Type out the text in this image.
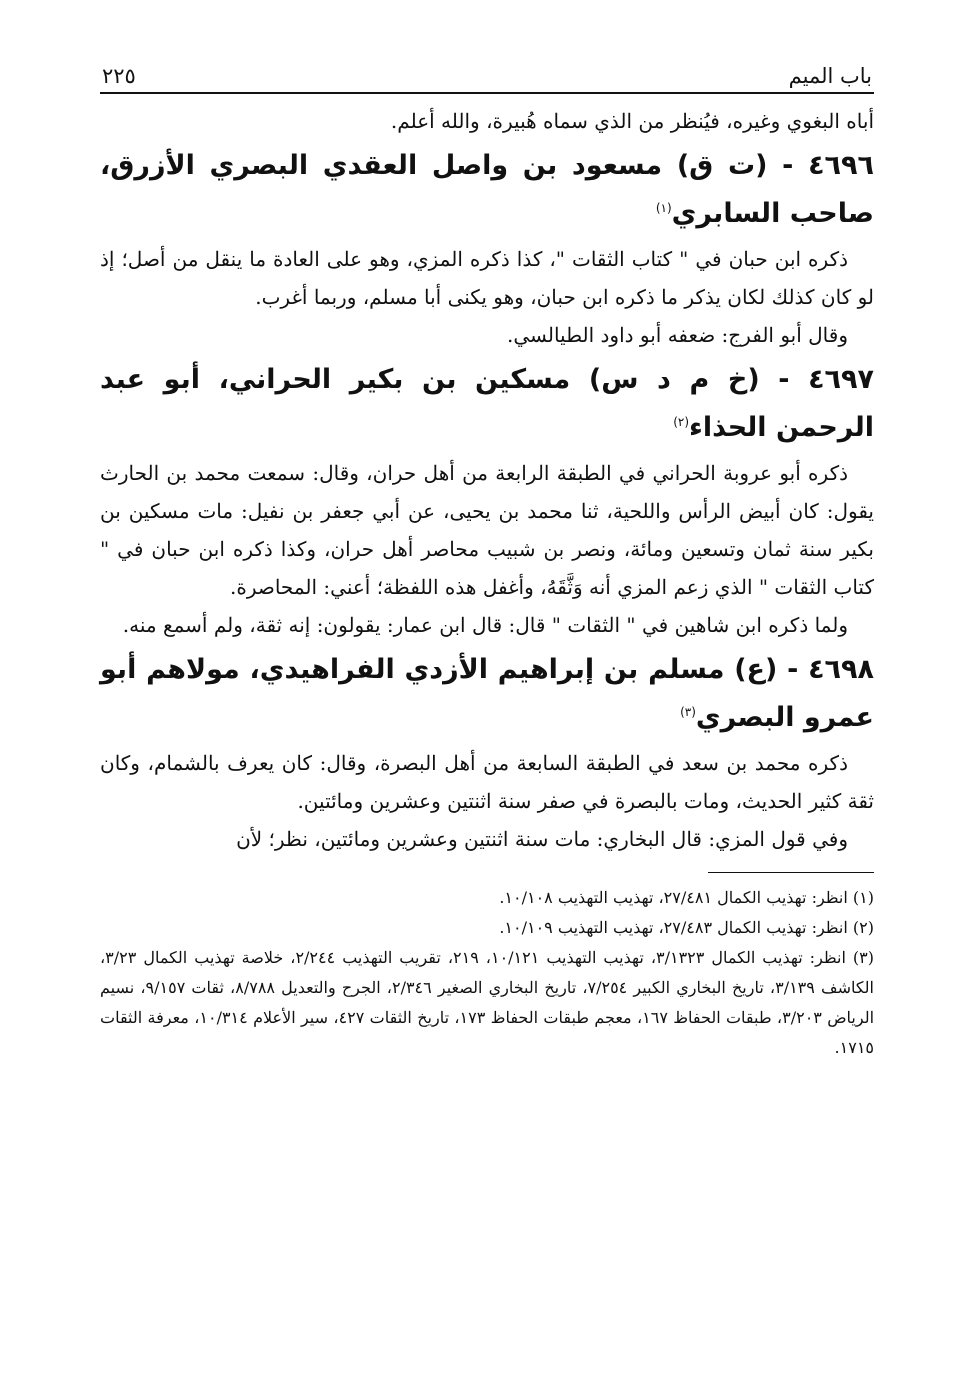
باب الميم
٢٢٥

أباه البغوي وغيره، فيُنظر من الذي سماه هُبيرة، والله أعلم.

٤٦٩٦ - (ت ق) مسعود بن واصل العقدي البصري الأزرق، صاحب السابري$^{(١)}$

ذكره ابن حبان في " كتاب الثقات "، كذا ذكره المزي، وهو على العادة ما ينقل من أصل؛ إذ لو كان كذلك لكان يذكر ما ذكره ابن حبان، وهو يكنى أبا مسلم، وربما أغرب.

وقال أبو الفرج: ضعفه أبو داود الطيالسي.

٤٦٩٧ - (خ م د س) مسكين بن بكير الحراني، أبو عبد الرحمن الحذاء$^{(٢)}$

ذكره أبو عروبة الحراني في الطبقة الرابعة من أهل حران، وقال: سمعت محمد بن الحارث يقول: كان أبيض الرأس واللحية، ثنا محمد بن يحيى، عن أبي جعفر بن نفيل: مات مسكين بن بكير سنة ثمان وتسعين ومائة، ونصر بن شبيب محاصر أهل حران، وكذا ذكره ابن حبان في " كتاب الثقات " الذي زعم المزي أنه وَثَّقَهُ، وأغفل هذه اللفظة؛ أعني: المحاصرة.

ولما ذكره ابن شاهين في " الثقات " قال: قال ابن عمار: يقولون: إنه ثقة، ولم أسمع منه.

٤٦٩٨ - (ع) مسلم بن إبراهيم الأزدي الفراهيدي، مولاهم أبو عمرو البصري$^{(٣)}$

ذكره محمد بن سعد في الطبقة السابعة من أهل البصرة، وقال: كان يعرف بالشمام، وكان ثقة كثير الحديث، ومات بالبصرة في صفر سنة اثنتين وعشرين ومائتين.

وفي قول المزي: قال البخاري: مات سنة اثنتين وعشرين ومائتين، نظر؛ لأن

(١) انظر: تهذيب الكمال ٢٧/٤٨١، تهذيب التهذيب ١٠/١٠٨.
(٢) انظر: تهذيب الكمال ٢٧/٤٨٣، تهذيب التهذيب ١٠/١٠٩.
(٣) انظر: تهذيب الكمال ٣/١٣٢٣، تهذيب التهذيب ١٠/١٢١، ٢١٩، تقريب التهذيب ٢/٢٤٤، خلاصة تهذيب الكمال ٣/٢٣، الكاشف ٣/١٣٩، تاريخ البخاري الكبير ٧/٢٥٤، تاريخ البخاري الصغير ٢/٣٤٦، الجرح والتعديل ٨/٧٨٨، ثقات ٩/١٥٧، نسيم الرياض ٣/٢٠٣، طبقات الحفاظ ١٦٧، معجم طبقات الحفاظ ١٧٣، تاريخ الثقات ٤٢٧، سير الأعلام ١٠/٣١٤، معرفة الثقات ١٧١٥.
